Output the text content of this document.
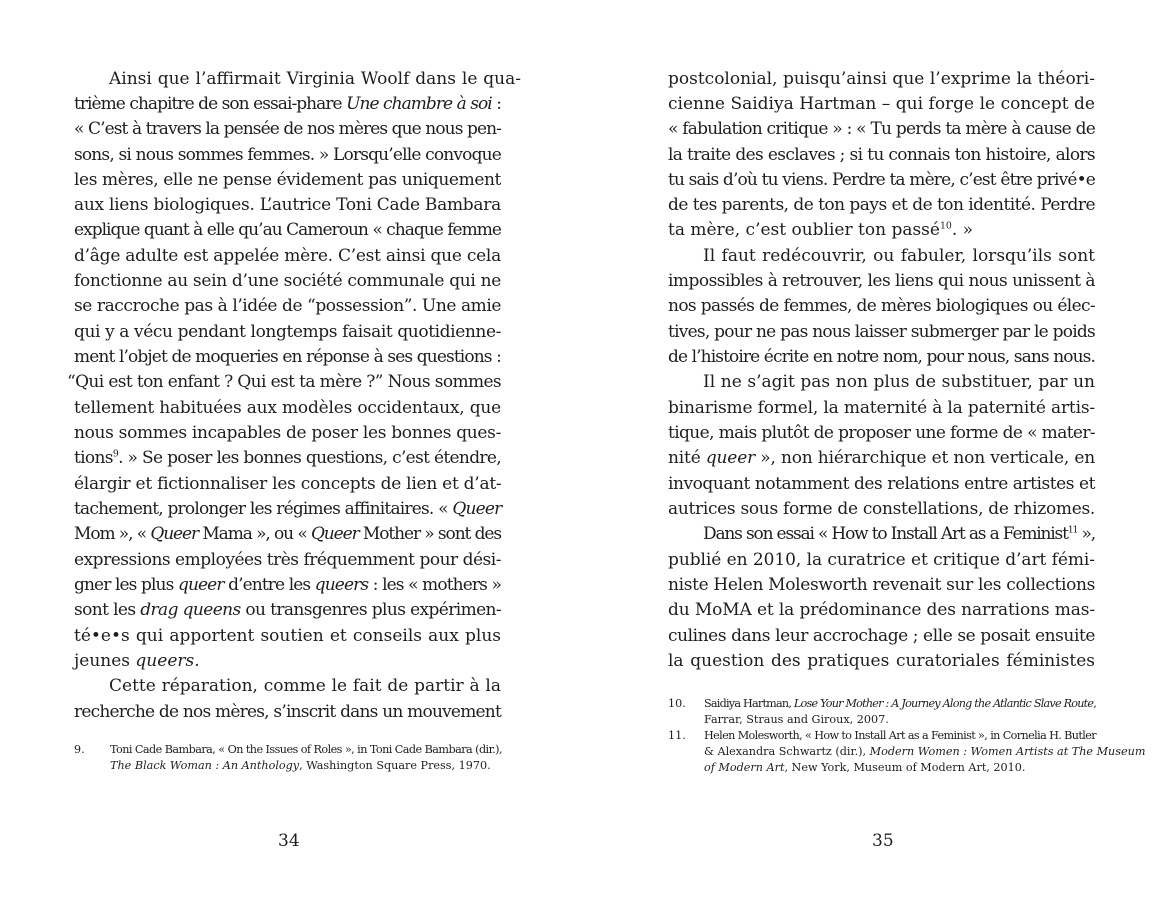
Ainsi que l’affirmait Virginia Woolf dans le qua-
trième chapitre de son essai-phare Une chambre à soi :
« C’est à travers la pensée de nos mères que nous pen-
sons, si nous sommes femmes. » Lorsqu’elle convoque
les mères, elle ne pense évidement pas uniquement
aux liens biologiques. L’autrice Toni Cade Bambara
explique quant à elle qu’au Cameroun « chaque femme
d’âge adulte est appelée mère. C’est ainsi que cela
fonctionne au sein d’une société communale qui ne
se raccroche pas à l’idée de “possession”. Une amie
qui y a vécu pendant longtemps faisait quotidienne-
ment l’objet de moqueries en réponse à ses questions :
“Qui est ton enfant ? Qui est ta mère ?” Nous sommes
tellement habituées aux modèles occidentaux, que
nous sommes incapables de poser les bonnes ques-
tions$^9$. » Se poser les bonnes questions, c’est étendre,
élargir et fictionnaliser les concepts de lien et d’at-
tachement, prolonger les régimes affinitaires. « Queer
Mom », « Queer Mama », ou « Queer Mother » sont des
expressions employées très fréquemment pour dési-
gner les plus queer d’entre les queers : les « mothers »
sont les drag queens ou transgenres plus expérimen-
té•e•s qui apportent soutien et conseils aux plus
jeunes queers.
Cette réparation, comme le fait de partir à la
recherche de nos mères, s’inscrit dans un mouvement
9. Toni Cade Bambara, « On the Issues of Roles », in Toni Cade Bambara (dir.),
The Black Woman : An Anthology, Washington Square Press, 1970.
34
postcolonial, puisqu’ainsi que l’exprime la théori-
cienne Saidiya Hartman – qui forge le concept de
« fabulation critique » : « Tu perds ta mère à cause de
la traite des esclaves ; si tu connais ton histoire, alors
tu sais d’où tu viens. Perdre ta mère, c’est être privé•e
de tes parents, de ton pays et de ton identité. Perdre
ta mère, c’est oublier ton passé$^{10}$. »
Il faut redécouvrir, ou fabuler, lorsqu’ils sont
impossibles à retrouver, les liens qui nous unissent à
nos passés de femmes, de mères biologiques ou élec-
tives, pour ne pas nous laisser submerger par le poids
de l’histoire écrite en notre nom, pour nous, sans nous.
Il ne s’agit pas non plus de substituer, par un
binarisme formel, la maternité à la paternité artis-
tique, mais plutôt de proposer une forme de « mater-
nité queer », non hiérarchique et non verticale, en
invoquant notamment des relations entre artistes et
autrices sous forme de constellations, de rhizomes.
Dans son essai « How to Install Art as a Feminist$^{11}$ »,
publié en 2010, la curatrice et critique d’art fémi-
niste Helen Molesworth revenait sur les collections
du MoMA et la prédominance des narrations mas-
culines dans leur accrochage ; elle se posait ensuite
la question des pratiques curatoriales féministes
10. Saidiya Hartman, Lose Your Mother : A Journey Along the Atlantic Slave Route,
Farrar, Straus and Giroux, 2007.
11. Helen Molesworth, « How to Install Art as a Feminist », in Cornelia H. Butler
& Alexandra Schwartz (dir.), Modern Women : Women Artists at The Museum
of Modern Art, New York, Museum of Modern Art, 2010.
35
